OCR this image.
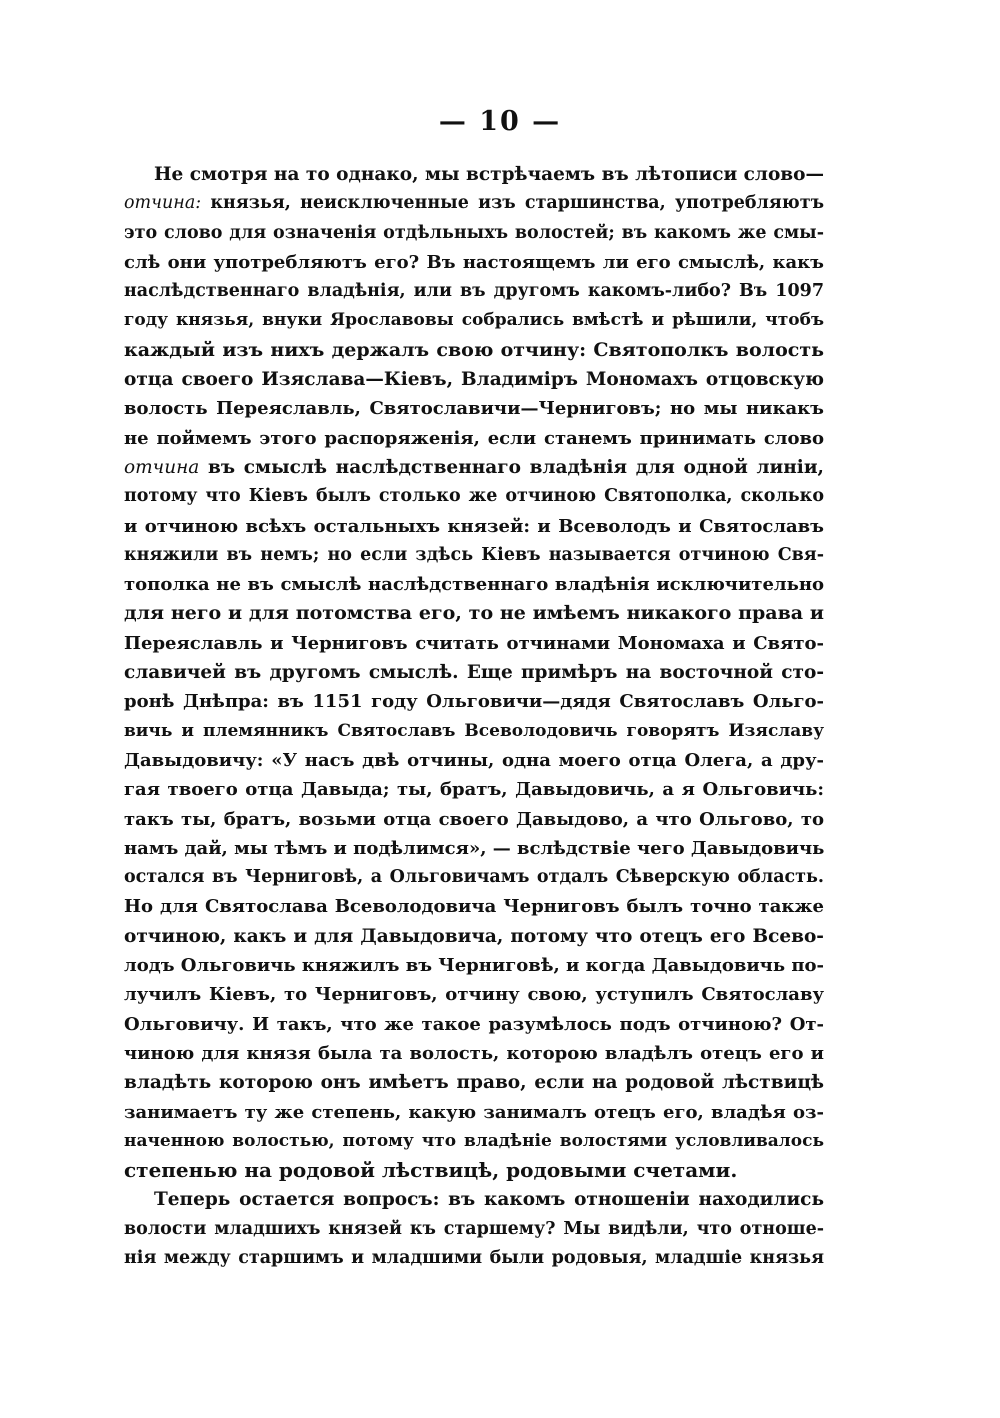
— 10 —
Не смотря на то однако, мы встрѣчаемъ въ лѣтописи слово—
отчина: князья, неисключенные изъ старшинства, употребляютъ
это слово для означенія отдѣльныхъ волостей; въ какомъ же смы-
слѣ они употребляютъ его? Въ настоящемъ ли его смыслѣ, какъ
наслѣдственнаго владѣнія, или въ другомъ какомъ-либо? Въ 1097
году князья, внуки Ярославовы собрались вмѣстѣ и рѣшили, чтобъ
каждый изъ нихъ держалъ свою отчину: Святополкъ волость
отца своего Изяслава—Кіевъ, Владиміръ Мономахъ отцовскую
волость Переяславль, Святославичи—Черниговъ; но мы никакъ
не поймемъ этого распоряженія, если станемъ принимать слово
отчина въ смыслѣ наслѣдственнаго владѣнія для одной линіи,
потому что Кіевъ былъ столько же отчиною Святополка, сколько
и отчиною всѣхъ остальныхъ князей: и Всеволодъ и Святославъ
княжили въ немъ; но если здѣсь Кіевъ называется отчиною Свя-
тополка не въ смыслѣ наслѣдственнаго владѣнія исключительно
для него и для потомства его, то не имѣемъ никакого права и
Переяславль и Черниговъ считать отчинами Мономаха и Свято-
славичей въ другомъ смыслѣ. Еще примѣръ на восточной сто-
ронѣ Днѣпра: въ 1151 году Ольговичи—дядя Святославъ Ольго-
вичь и племянникъ Святославъ Всеволодовичь говорятъ Изяславу
Давыдовичу: «У насъ двѣ отчины, одна моего отца Олега, а дру-
гая твоего отца Давыда; ты, братъ, Давыдовичь, а я Ольговичь:
такъ ты, братъ, возьми отца своего Давыдово, а что Ольгово, то
намъ дай, мы тѣмъ и подѣлимся», — вслѣдствіе чего Давыдовичь
остался въ Черниговѣ, а Ольговичамъ отдалъ Сѣверскую область.
Но для Святослава Всеволодовича Черниговъ былъ точно также
отчиною, какъ и для Давыдовича, потому что отецъ его Всево-
лодъ Ольговичь княжилъ въ Черниговѣ, и когда Давыдовичь по-
лучилъ Кіевъ, то Черниговъ, отчину свою, уступилъ Святославу
Ольговичу. И такъ, что же такое разумѣлось подъ отчиною? От-
чиною для князя была та волость, которою владѣлъ отецъ его и
владѣть которою онъ имѣетъ право, если на родовой лѣствицѣ
занимаетъ ту же степень, какую занималъ отецъ его, владѣя оз-
наченною волостью, потому что владѣніе волостями условливалось
степенью на родовой лѣствицѣ, родовыми счетами.
Теперь остается вопросъ: въ какомъ отношеніи находились
волости младшихъ князей къ старшему? Мы видѣли, что отноше-
нія между старшимъ и младшими были родовыя, младшіе князья
